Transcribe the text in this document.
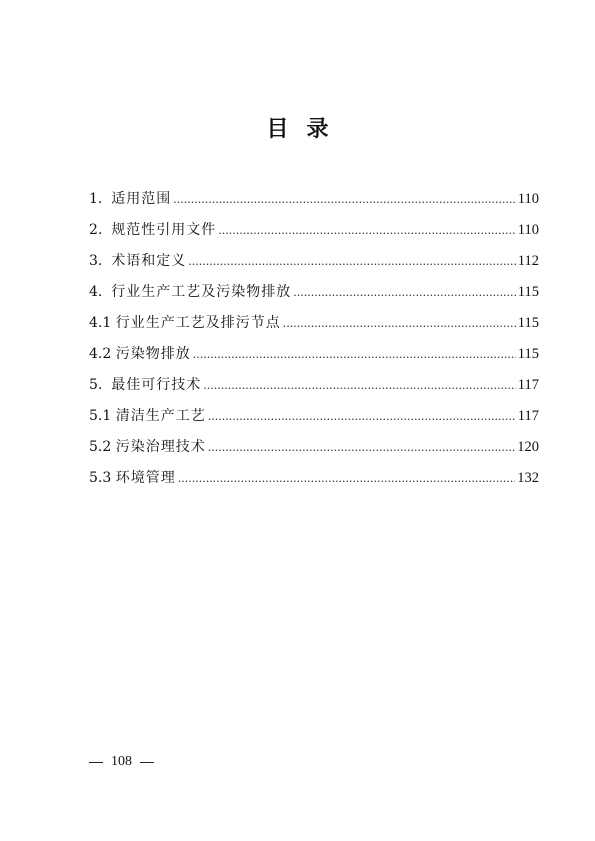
目 录
1. 适用范围 .....	110
2. 规范性引用文件 .....	110
3. 术语和定义 .....	112
4. 行业生产工艺及污染物排放 .....	115
4.1 行业生产工艺及排污节点 .....	115
4.2 污染物排放 .....	115
5. 最佳可行技术 .....	117
5.1 清洁生产工艺 .....	117
5.2 污染治理技术 .....	120
5.3 环境管理 .....	132
108
